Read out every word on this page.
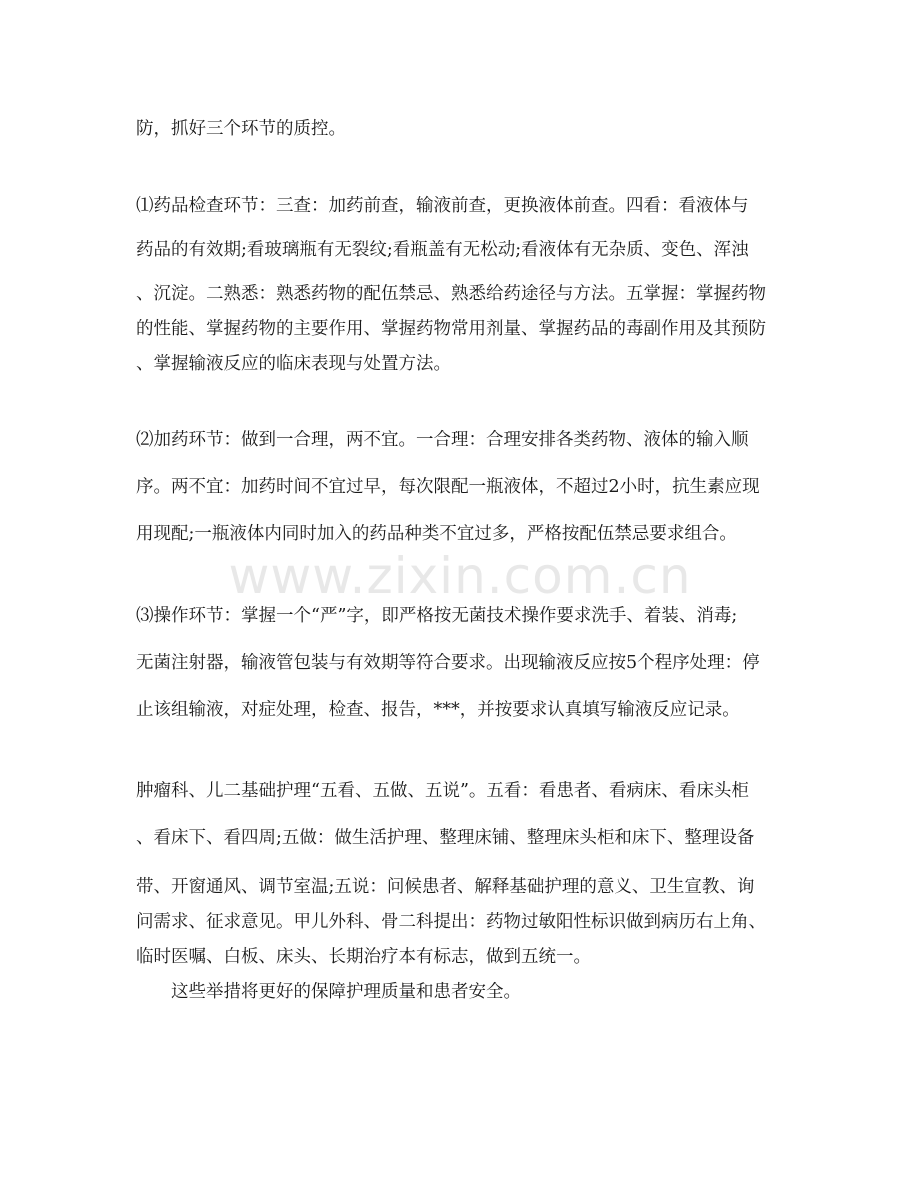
防，抓好三个环节的质控。
⑴药品检查环节：三查：加药前查，输液前查，更换液体前查。四看：看液体与
药品的有效期;看玻璃瓶有无裂纹;看瓶盖有无松动;看液体有无杂质、变色、浑浊
、沉淀。二熟悉：熟悉药物的配伍禁忌、熟悉给药途径与方法。五掌握：掌握药物
的性能、掌握药物的主要作用、掌握药物常用剂量、掌握药品的毒副作用及其预防
、掌握输液反应的临床表现与处置方法。
⑵加药环节：做到一合理，两不宜。一合理：合理安排各类药物、液体的输入顺
序。两不宜：加药时间不宜过早，每次限配一瓶液体，不超过2小时，抗生素应现
用现配;一瓶液体内同时加入的药品种类不宜过多，严格按配伍禁忌要求组合。
⑶操作环节：掌握一个“严”字，即严格按无菌技术操作要求洗手、着装、消毒;
无菌注射器，输液管包装与有效期等符合要求。出现输液反应按5个程序处理：停
止该组输液，对症处理，检查、报告，***，并按要求认真填写输液反应记录。
肿瘤科、儿二基础护理“五看、五做、五说”。五看：看患者、看病床、看床头柜
、看床下、看四周;五做：做生活护理、整理床铺、整理床头柜和床下、整理设备
带、开窗通风、调节室温;五说：问候患者、解释基础护理的意义、卫生宣教、询
问需求、征求意见。甲儿外科、骨二科提出：药物过敏阳性标识做到病历右上角、
临时医嘱、白板、床头、长期治疗本有标志，做到五统一。
这些举措将更好的保障护理质量和患者安全。
www.zixin.com.cn
